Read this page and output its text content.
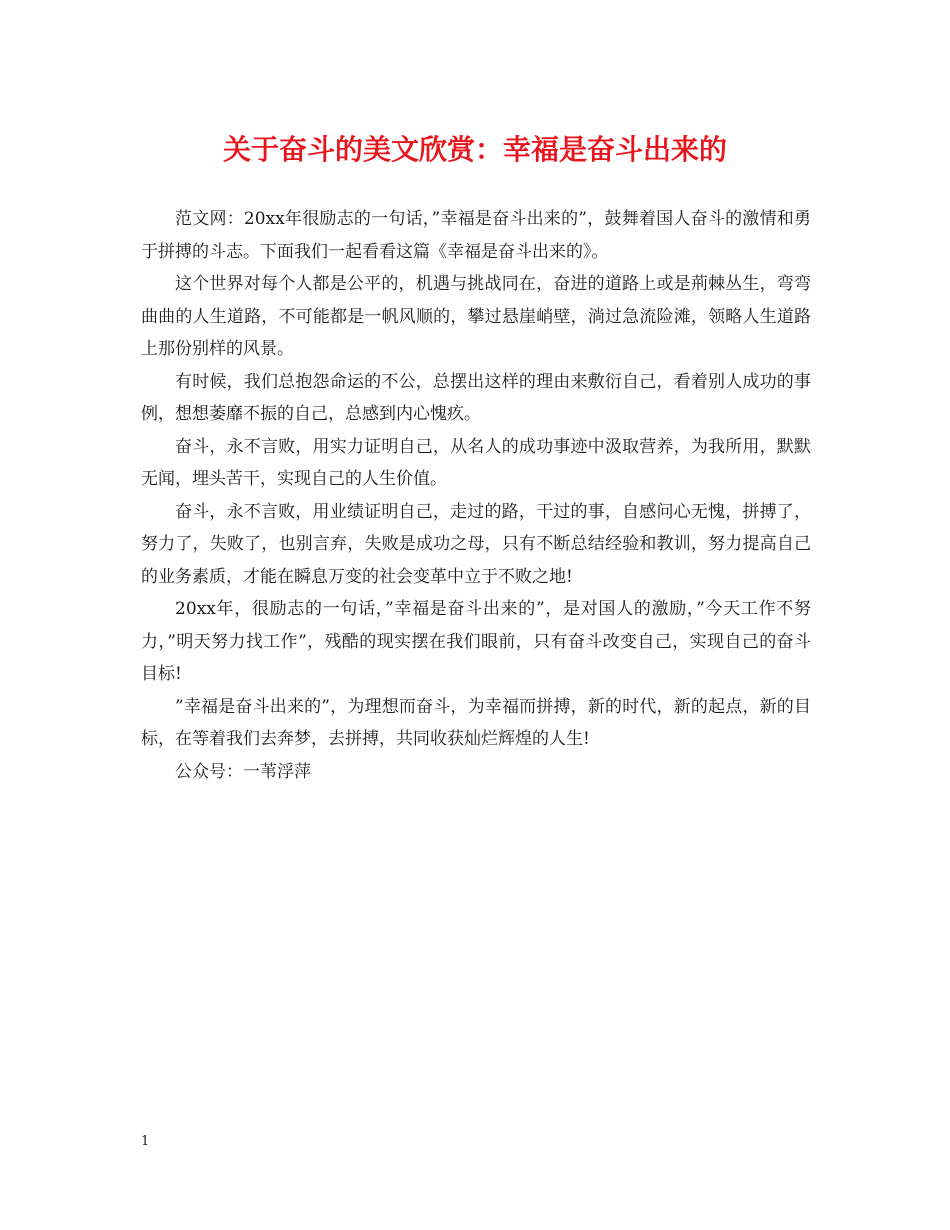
关于奋斗的美文欣赏：幸福是奋斗出来的

范文网：20xx年很励志的一句话，”幸福是奋斗出来的”，鼓舞着国人奋斗的激情和勇于拼搏的斗志。下面我们一起看看这篇《幸福是奋斗出来的》。

这个世界对每个人都是公平的，机遇与挑战同在，奋进的道路上或是荊棘丛生，弯弯曲曲的人生道路，不可能都是一帆风顺的，攀过悬崖峭壁，淌过急流险滩，领略人生道路上那份别样的风景。

有时候，我们总抱怨命运的不公，总摆出这样的理由来敷衍自己，看着别人成功的事例，想想萎靡不振的自己，总感到内心愧疚。

奋斗，永不言败，用实力证明自己，从名人的成功事迹中汲取营养，为我所用，默默无闻，埋头苦干，实现自己的人生价值。

奋斗，永不言败，用业绩证明自己，走过的路，干过的事，自感问心无愧，拼搏了，努力了，失败了，也别言弃，失败是成功之母，只有不断总结经验和教训，努力提高自己的业务素质，才能在瞬息万变的社会变革中立于不败之地!

20xx年，很励志的一句话，”幸福是奋斗出来的”，是对国人的激励，”今天工作不努力，”明天努力找工作”，残酷的现实摆在我们眼前，只有奋斗改变自己，实现自己的奋斗目标!

”幸福是奋斗出来的”，为理想而奋斗，为幸福而拼搏，新的时代，新的起点，新的目标，在等着我们去奔梦，去拼搏，共同收获灿烂辉煌的人生!

公众号：一苇浮萍

1
